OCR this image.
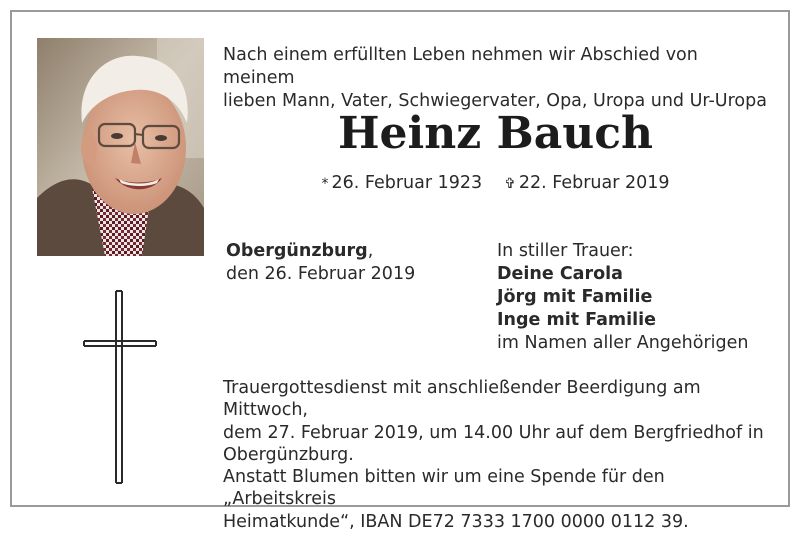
Nach einem erfüllten Leben nehmen wir Abschied von meinem
lieben Mann, Vater, Schwiegervater, Opa, Uropa und Ur-Uropa
Heinz Bauch
* 26. Februar 1923 ✞ 22. Februar 2019
Obergünzburg,
den 26. Februar 2019
In stiller Trauer:
Deine Carola
Jörg mit Familie
Inge mit Familie
im Namen aller Angehörigen
Trauergottesdienst mit anschließender Beerdigung am Mittwoch,
dem 27. Februar 2019, um 14.00 Uhr auf dem Bergfriedhof in
Obergünzburg.
Anstatt Blumen bitten wir um eine Spende für den „Arbeitskreis
Heimatkunde“, IBAN DE72 7333 1700 0000 0112 39.
